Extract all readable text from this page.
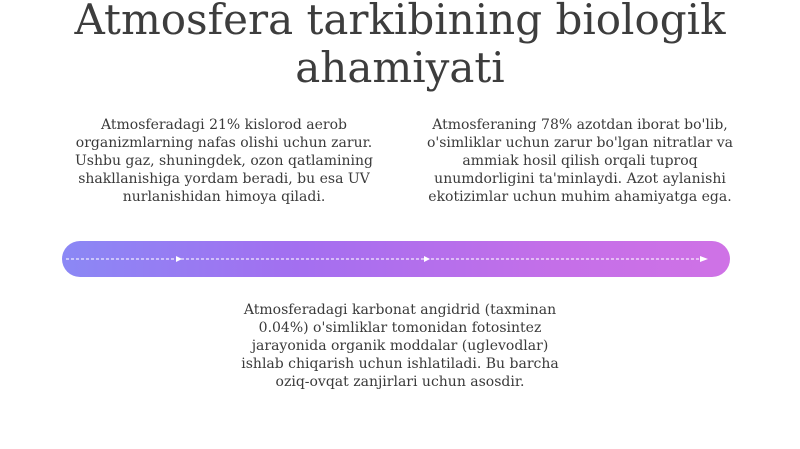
Atmosfera tarkibining biologik ahamiyati

Atmosferadagi 21% kislorod aerob organizmlarning nafas olishi uchun zarur. Ushbu gaz, shuningdek, ozon qatlamining shakllanishiga yordam beradi, bu esa UV nurlanishidan himoya qiladi.

Atmosferaning 78% azotdan iborat bo'lib, o'simliklar uchun zarur bo'lgan nitratlar va ammiak hosil qilish orqali tuproq unumdorligini ta'minlaydi. Azot aylanishi ekotizimlar uchun muhim ahamiyatga ega.

Atmosferadagi karbonat angidrid (taxminan 0.04%) o'simliklar tomonidan fotosintez jarayonida organik moddalar (uglevodlar) ishlab chiqarish uchun ishlatiladi. Bu barcha oziq-ovqat zanjirlari uchun asosdir.
